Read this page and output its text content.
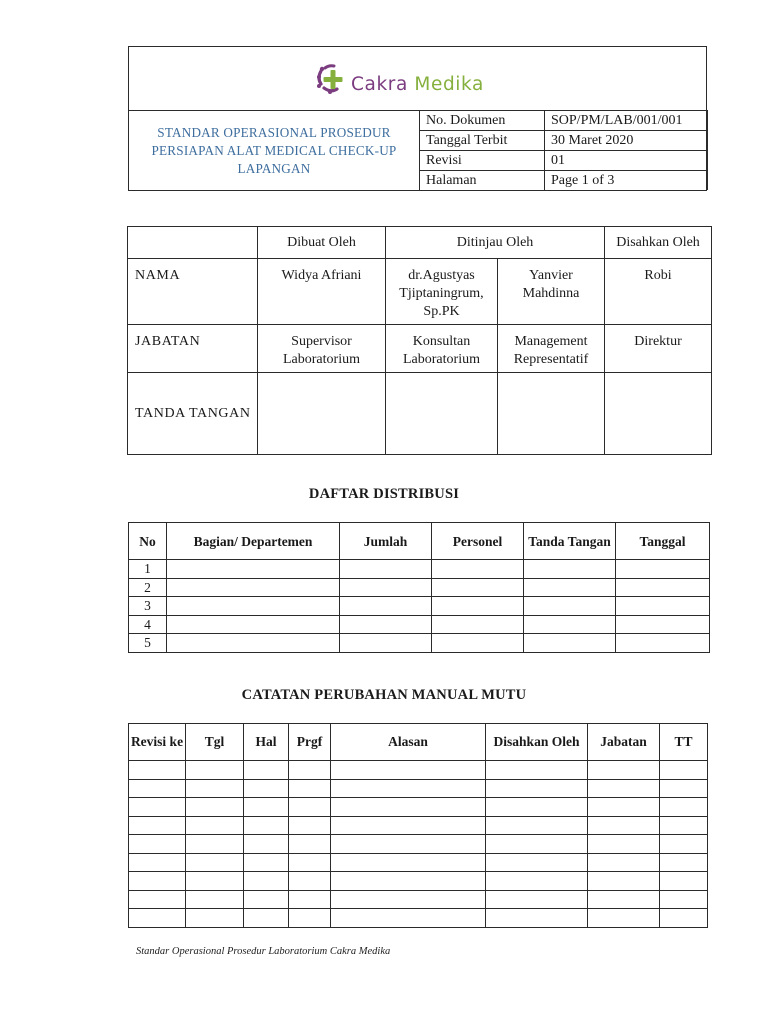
Cakra Medika
STANDAR OPERASIONAL PROSEDUR
PERSIAPAN ALAT MEDICAL CHECK-UP
LAPANGAN
No. Dokumen	SOP/PM/LAB/001/001
Tanggal Terbit	30 Maret 2020
Revisi	01
Halaman	Page 1 of 3
	Dibuat Oleh	Ditinjau Oleh		Disahkan Oleh
NAMA	Widya Afriani	dr.Agustyas Tjiptaningrum, Sp.PK	Yanvier Mahdinna	Robi
JABATAN	Supervisor Laboratorium	Konsultan Laboratorium	Management Representatif	Direktur
TANDA TANGAN				
DAFTAR DISTRIBUSI
No	Bagian/ Departemen	Jumlah	Personel	Tanda Tangan	Tanggal
1					
2					
3					
4					
5					
CATATAN PERUBAHAN MANUAL MUTU
Revisi ke	Tgl	Hal	Prgf	Alasan	Disahkan Oleh	Jabatan	TT

Standar Operasional Prosedur Laboratorium Cakra Medika
